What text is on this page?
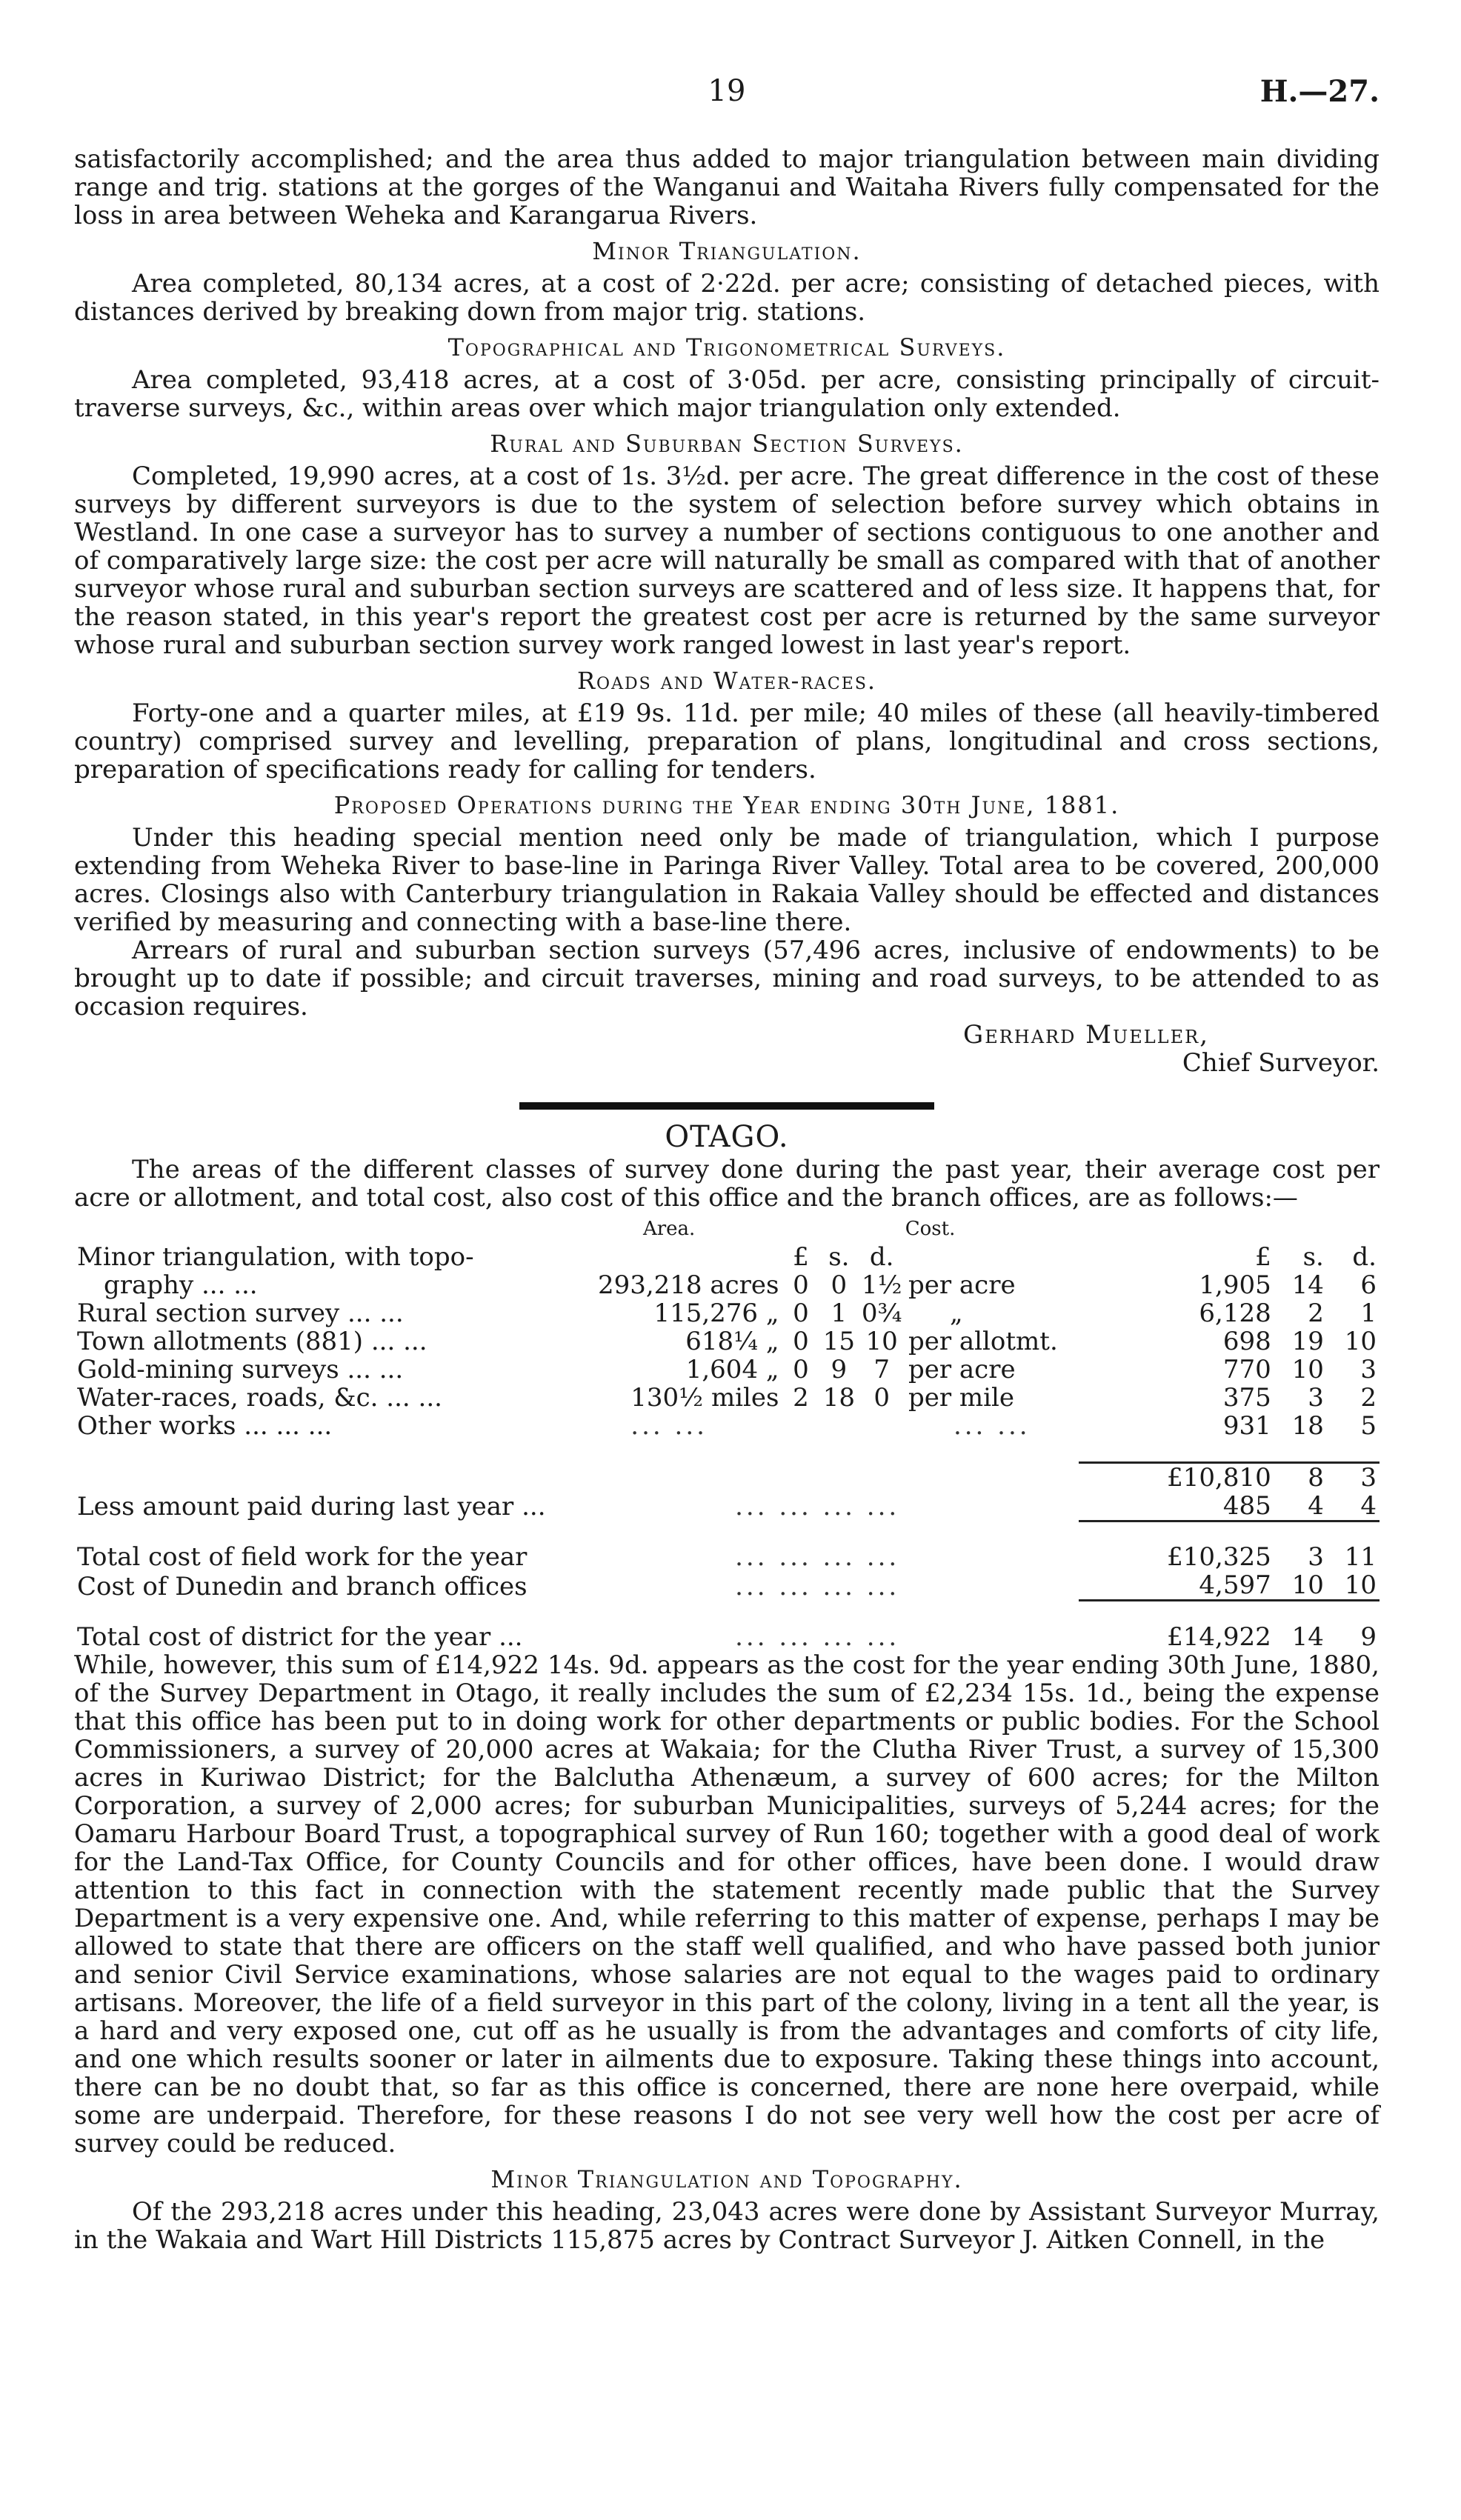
19	H.—27.

satisfactorily accomplished; and the area thus added to major triangulation between main dividing range and trig. stations at the gorges of the Wanganui and Waitaha Rivers fully compensated for the loss in area between Weheka and Karangarua Rivers.

Minor Triangulation.

Area completed, 80,134 acres, at a cost of 2·22d. per acre; consisting of detached pieces, with distances derived by breaking down from major trig. stations.

Topographical and Trigonometrical Surveys.

Area completed, 93,418 acres, at a cost of 3·05d. per acre, consisting principally of circuit-traverse surveys, &c., within areas over which major triangulation only extended.

Rural and Suburban Section Surveys.

Completed, 19,990 acres, at a cost of 1s. 3½d. per acre. The great difference in the cost of these surveys by different surveyors is due to the system of selection before survey which obtains in Westland. In one case a surveyor has to survey a number of sections contiguous to one another and of comparatively large size: the cost per acre will naturally be small as compared with that of another surveyor whose rural and suburban section surveys are scattered and of less size. It happens that, for the reason stated, in this year's report the greatest cost per acre is returned by the same surveyor whose rural and suburban section survey work ranged lowest in last year's report.

Roads and Water-races.

Forty-one and a quarter miles, at £19 9s. 11d. per mile; 40 miles of these (all heavily-timbered country) comprised survey and levelling, preparation of plans, longitudinal and cross sections, preparation of specifications ready for calling for tenders.

Proposed Operations during the Year ending 30th June, 1881.

Under this heading special mention need only be made of triangulation, which I purpose extending from Weheka River to base-line in Paringa River Valley. Total area to be covered, 200,000 acres. Closings also with Canterbury triangulation in Rakaia Valley should be effected and distances verified by measuring and connecting with a base-line there.

Arrears of rural and suburban section surveys (57,496 acres, inclusive of endowments) to be brought up to date if possible; and circuit traverses, mining and road surveys, to be attended to as occasion requires.

Gerhard Mueller,
Chief Surveyor.
OTAGO.

The areas of the different classes of survey done during the past year, their average cost per acre or allotment, and total cost, also cost of this office and the branch offices, are as follows:—

	Area.	Cost.						
Minor triangulation, with topo-		£	s.	d.		£	s.	d.
graphy ... ...	293,218 acres	0	0	1½	per acre	1,905	14	6
Rural section survey ... ...	115,276 „	0	1	0¾	„	6,128	2	1
Town allotments (881) ... ...	618¼ „	0	15	10	per allotmt.	698	19	10
Gold-mining surveys ... ...	1,604 „	0	9	7	per acre	770	10	3
Water-races, roads, &c. ... ...	130½ miles	2	18	0	per mile	375	3	2
Other works ... ... ...	... ...				... ...	931	18	5

						£10,810	8	3
Less amount paid during last year ...	... ... ... ...					485	4	4

Total cost of field work for the year	... ... ... ...					£10,325	3	11
Cost of Dunedin and branch offices	... ... ... ...					4,597	10	10

Total cost of district for the year ...	... ... ... ...					£14,922	14	9

While, however, this sum of £14,922 14s. 9d. appears as the cost for the year ending 30th June, 1880, of the Survey Department in Otago, it really includes the sum of £2,234 15s. 1d., being the expense that this office has been put to in doing work for other departments or public bodies. For the School Commissioners, a survey of 20,000 acres at Wakaia; for the Clutha River Trust, a survey of 15,300 acres in Kuriwao District; for the Balclutha Athenæum, a survey of 600 acres; for the Milton Corporation, a survey of 2,000 acres; for suburban Municipalities, surveys of 5,244 acres; for the Oamaru Harbour Board Trust, a topographical survey of Run 160; together with a good deal of work for the Land-Tax Office, for County Councils and for other offices, have been done. I would draw attention to this fact in connection with the statement recently made public that the Survey Department is a very expensive one. And, while referring to this matter of expense, perhaps I may be allowed to state that there are officers on the staff well qualified, and who have passed both junior and senior Civil Service examinations, whose salaries are not equal to the wages paid to ordinary artisans. Moreover, the life of a field surveyor in this part of the colony, living in a tent all the year, is a hard and very exposed one, cut off as he usually is from the advantages and comforts of city life, and one which results sooner or later in ailments due to exposure. Taking these things into account, there can be no doubt that, so far as this office is concerned, there are none here overpaid, while some are underpaid. Therefore, for these reasons I do not see very well how the cost per acre of survey could be reduced.

Minor Triangulation and Topography.

Of the 293,218 acres under this heading, 23,043 acres were done by Assistant Surveyor Murray, in the Wakaia and Wart Hill Districts 115,875 acres by Contract Surveyor J. Aitken Connell, in the
